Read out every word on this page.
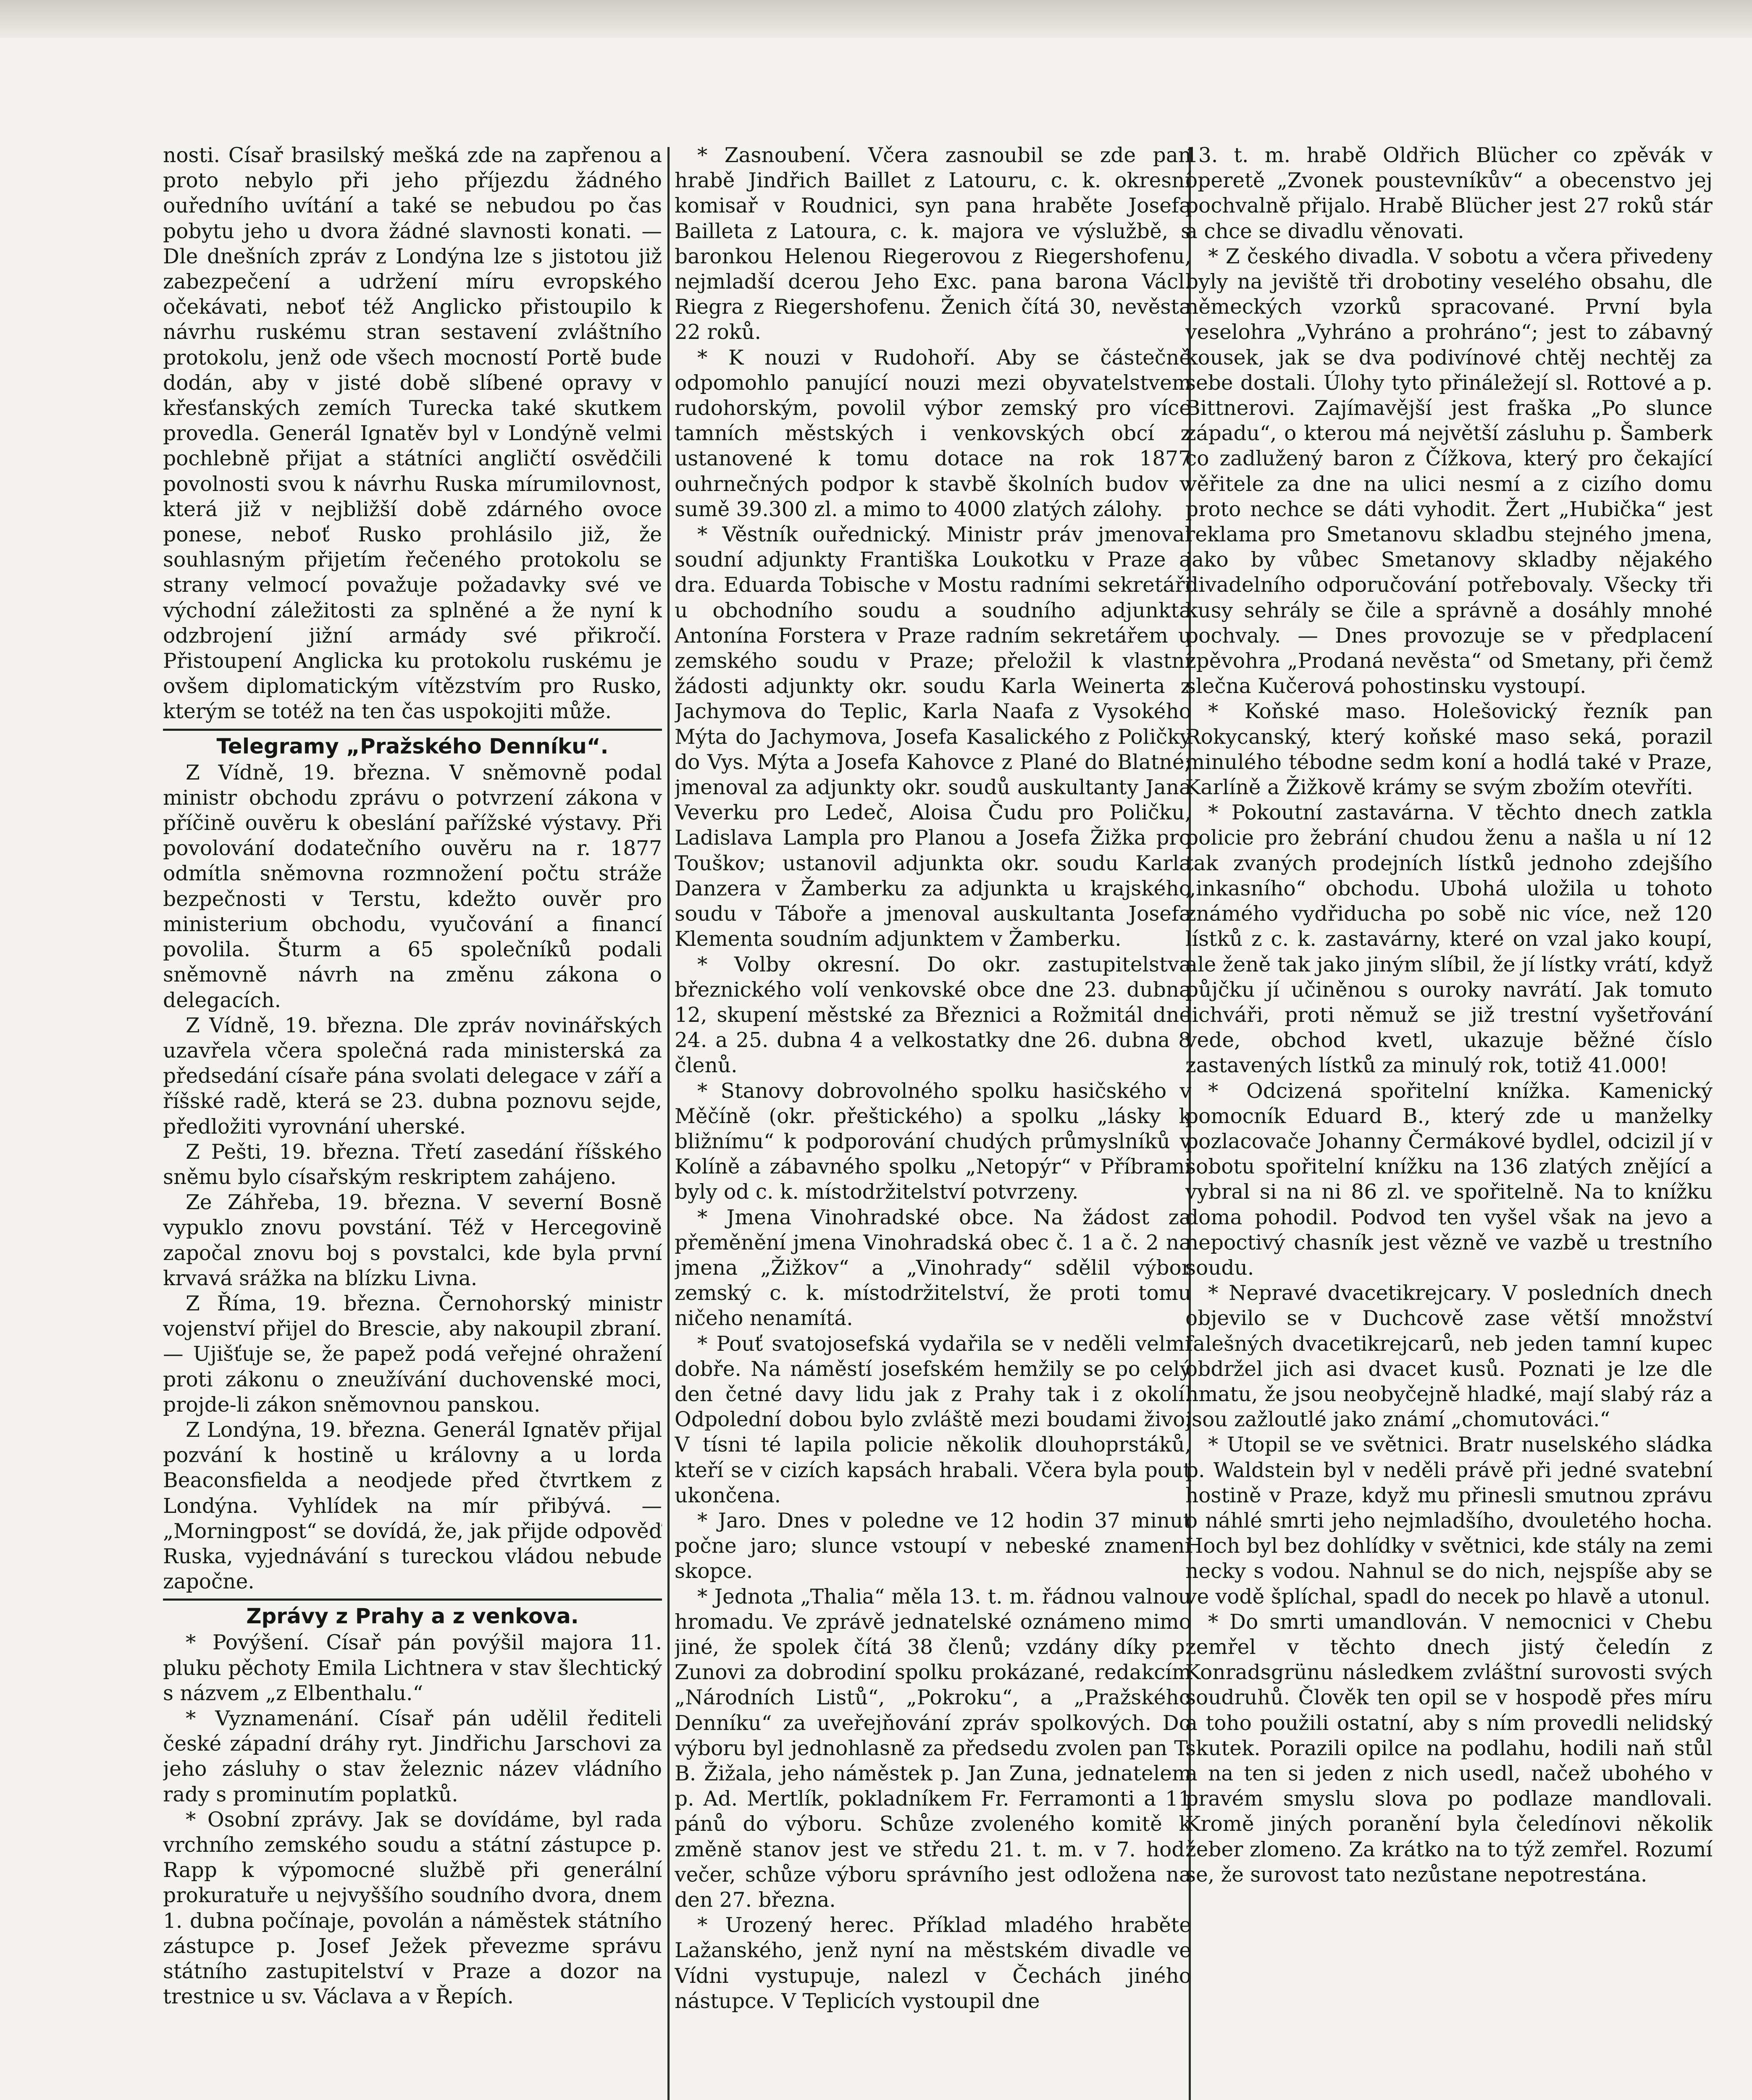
nosti. Císař brasilský mešká zde na zapřenou a proto nebylo při jeho příjezdu žádného ouředního uvítání a také se nebudou po čas pobytu jeho u dvora žádné slavnosti konati. — Dle dnešních zpráv z Londýna lze s jistotou již zabezpečení a udržení míru evropského očekávati, neboť též Anglicko přistoupilo k návrhu ruskému stran sestavení zvláštního protokolu, jenž ode všech mocností Portě bude dodán, aby v jisté době slíbené opravy v křesťanských zemích Turecka také skutkem provedla. Generál Ignatěv byl v Londýně velmi pochlebně přijat a státníci angličtí osvědčili povolnosti svou k návrhu Ruska mírumilovnost, která již v nejbližší době zdárného ovoce ponese, neboť Rusko prohlásilo již, že souhlasným přijetím řečeného protokolu se strany velmocí považuje požadavky své ve východní záležitosti za splněné a že nyní k odzbrojení jižní armády své přikročí. Přistoupení Anglicka ku protokolu ruskému je ovšem diplomatickým vítězstvím pro Rusko, kterým se totéž na ten čas uspokojiti může.

Telegramy „Pražského Denníku“.

Z Vídně, 19. března. V sněmovně podal ministr obchodu zprávu o potvrzení zákona v příčině ouvěru k obeslání pařížské výstavy. Při povolování dodatečního ouvěru na r. 1877 odmítla sněmovna rozmnožení počtu stráže bezpečnosti v Terstu, kdežto ouvěr pro ministerium obchodu, vyučování a financí povolila. Šturm a 65 společníků podali sněmovně návrh na změnu zákona o delegacích.

Z Vídně, 19. března. Dle zpráv novinářských uzavřela včera společná rada ministerská za předsedání císaře pána svolati delegace v září a říšské radě, která se 23. dubna poznovu sejde, předložiti vyrovnání uherské.

Z Pešti, 19. března. Třetí zasedání říšského sněmu bylo císařským reskriptem zahájeno.

Ze Záhřeba, 19. března. V severní Bosně vypuklo znovu povstání. Též v Hercegovině započal znovu boj s povstalci, kde byla první krvavá srážka na blízku Livna.

Z Říma, 19. března. Černohorský ministr vojenství přijel do Brescie, aby nakoupil zbraní. — Ujišťuje se, že papež podá veřejné ohražení proti zákonu o zneužívání duchovenské moci, projde-li zákon sněmovnou panskou.

Z Londýna, 19. března. Generál Ignatěv přijal pozvání k hostině u královny a u lorda Beaconsfielda a neodjede před čtvrtkem z Londýna. Vyhlídek na mír přibývá. — „Morningpost“ se dovídá, že, jak přijde odpověď Ruska, vyjednávání s tureckou vládou nebude započne.

Zprávy z Prahy a z venkova.

* Povýšení. Císař pán povýšil majora 11. pluku pěchoty Emila Lichtnera v stav šlechtický s názvem „z Elbenthalu.“

* Vyznamenání. Císař pán udělil řediteli české západní dráhy ryt. Jindřichu Jarschovi za jeho zásluhy o stav železnic název vládního rady s prominutím poplatků.

* Osobní zprávy. Jak se dovídáme, byl rada vrchního zemského soudu a státní zástupce p. Rapp k výpomocné službě při generální prokuratuře u nejvyššího soudního dvora, dnem 1. dubna počínaje, povolán a náměstek státního zástupce p. Josef Ježek převezme správu státního zastupitelství v Praze a dozor na trestnice u sv. Václava a v Řepích.

* Zasnoubení. Včera zasnoubil se zde pan hrabě Jindřich Baillet z Latouru, c. k. okresní komisař v Roudnici, syn pana hraběte Josefa Bailleta z Latoura, c. k. majora ve výslužbě, s baronkou Helenou Riegerovou z Riegershofenu, nejmladší dcerou Jeho Exc. pana barona Václ. Riegra z Riegershofenu. Ženich čítá 30, nevěsta 22 roků.

* K nouzi v Rudohoří. Aby se částečně odpomohlo panující nouzi mezi obyvatelstvem rudohorským, povolil výbor zemský pro více tamních městských i venkovských obcí z ustanovené k tomu dotace na rok 1877 ouhrnečných podpor k stavbě školních budov v sumě 39.300 zl. a mimo to 4000 zlatých zálohy.

* Věstník ouřednický. Ministr práv jmenoval soudní adjunkty Františka Loukotku v Praze a dra. Eduarda Tobische v Mostu radními sekretáři u obchodního soudu a soudního adjunkta Antonína Forstera v Praze radním sekretářem u zemského soudu v Praze; přeložil k vlastní žádosti adjunkty okr. soudu Karla Weinerta z Jachymova do Teplic, Karla Naafa z Vysokého Mýta do Jachymova, Josefa Kasalického z Poličky do Vys. Mýta a Josefa Kahovce z Plané do Blatné; jmenoval za adjunkty okr. soudů auskultanty Jana Veverku pro Ledeč, Aloisa Čudu pro Poličku, Ladislava Lampla pro Planou a Josefa Žižka pro Touškov; ustanovil adjunkta okr. soudu Karla Danzera v Žamberku za adjunkta u krajského soudu v Táboře a jmenoval auskultanta Josefa Klementa soudním adjunktem v Žamberku.

* Volby okresní. Do okr. zastupitelstva březnického volí venkovské obce dne 23. dubna 12, skupení městské za Březnici a Rožmitál dne 24. a 25. dubna 4 a velkostatky dne 26. dubna 8 členů.

* Stanovy dobrovolného spolku hasičského v Měčíně (okr. přeštického) a spolku „lásky k bližnímu“ k podporování chudých průmyslníků v Kolíně a zábavného spolku „Netopýr“ v Příbrami byly od c. k. místodržitelství potvrzeny.

* Jmena Vinohradské obce. Na žádost za přeměnění jmena Vinohradská obec č. 1 a č. 2 na jmena „Žižkov“ a „Vinohrady“ sdělil výbor zemský c. k. místodržitelství, že proti tomu ničeho nenamítá.

* Pouť svatojosefská vydařila se v neděli velmi dobře. Na náměstí josefském hemžily se po celý den četné davy lidu jak z Prahy tak i z okolí. Odpolední dobou bylo zvláště mezi boudami živo. V tísni té lapila policie několik dlouhoprstáků, kteří se v cizích kapsách hrabali. Včera byla pouť ukončena.

* Jaro. Dnes v poledne ve 12 hodin 37 minut počne jaro; slunce vstoupí v nebeské znamení skopce.

* Jednota „Thalia“ měla 13. t. m. řádnou valnou hromadu. Ve zprávě jednatelské oznámeno mimo jiné, že spolek čítá 38 členů; vzdány díky p. Zunovi za dobrodiní spolku prokázané, redakcím „Národních Listů“, „Pokroku“, a „Pražského Denníku“ za uveřejňování zpráv spolkových. Do výboru byl jednohlasně za předsedu zvolen pan T. B. Žižala, jeho náměstek p. Jan Zuna, jednatelem p. Ad. Mertlík, pokladníkem Fr. Ferramonti a 11 pánů do výboru. Schůze zvoleného komitě k změně stanov jest ve středu 21. t. m. v 7. hod. večer, schůze výboru správního jest odložena na den 27. března.

* Urozený herec. Příklad mladého hraběte Lažanského, jenž nyní na městském divadle ve Vídni vystupuje, nalezl v Čechách jiného nástupce. V Teplicích vystoupil dne

13. t. m. hrabě Oldřich Blücher co zpěvák v operetě „Zvonek poustevníkův“ a obecenstvo jej pochvalně přijalo. Hrabě Blücher jest 27 roků stár a chce se divadlu věnovati.

* Z českého divadla. V sobotu a včera přivedeny byly na jeviště tři drobotiny veselého obsahu, dle německých vzorků spracované. První byla veselohra „Vyhráno a prohráno“; jest to zábavný kousek, jak se dva podivínové chtěj nechtěj za sebe dostali. Úlohy tyto přináležejí sl. Rottové a p. Bittnerovi. Zajímavější jest fraška „Po slunce západu“, o kterou má největší zásluhu p. Šamberk co zadlužený baron z Čížkova, který pro čekající věřitele za dne na ulici nesmí a z cizího domu proto nechce se dáti vyhodit. Žert „Hubička“ jest reklama pro Smetanovu skladbu stejného jmena, jako by vůbec Smetanovy skladby nějakého divadelního odporučování potřebovaly. Všecky tři kusy sehrály se čile a správně a dosáhly mnohé pochvaly. — Dnes provozuje se v předplacení zpěvohra „Prodaná nevěsta“ od Smetany, při čemž slečna Kučerová pohostinsku vystoupí.

* Koňské maso. Holešovický řezník pan Rokycanský, který koňské maso seká, porazil minulého tébodne sedm koní a hodlá také v Praze, Karlíně a Žižkově krámy se svým zbožím otevříti.

* Pokoutní zastavárna. V těchto dnech zatkla policie pro žebrání chudou ženu a našla u ní 12 tak zvaných prodejních lístků jednoho zdejšího „inkasního“ obchodu. Ubohá uložila u tohoto známého vydřiducha po sobě nic více, než 120 lístků z c. k. zastavárny, které on vzal jako koupí, ale ženě tak jako jiným slíbil, že jí lístky vrátí, když půjčku jí učiněnou s ouroky navrátí. Jak tomuto lichváři, proti němuž se již trestní vyšetřování vede, obchod kvetl, ukazuje běžné číslo zastavených lístků za minulý rok, totiž 41.000!

* Odcizená spořitelní knížka. Kamenický pomocník Eduard B., který zde u manželky pozlacovače Johanny Čermákové bydlel, odcizil jí v sobotu spořitelní knížku na 136 zlatých znějící a vybral si na ni 86 zl. ve spořitelně. Na to knížku doma pohodil. Podvod ten vyšel však na jevo a nepoctivý chasník jest vězně ve vazbě u trestního soudu.

* Nepravé dvacetikrejcary. V posledních dnech objevilo se v Duchcově zase větší množství falešných dvacetikrejcarů, neb jeden tamní kupec obdržel jich asi dvacet kusů. Poznati je lze dle hmatu, že jsou neobyčejně hladké, mají slabý ráz a jsou zažloutlé jako známí „chomutováci.“

* Utopil se ve světnici. Bratr nuselského sládka p. Waldstein byl v neděli právě při jedné svatební hostině v Praze, když mu přinesli smutnou zprávu o náhlé smrti jeho nejmladšího, dvouletého hocha. Hoch byl bez dohlídky v světnici, kde stály na zemi necky s vodou. Nahnul se do nich, nejspíše aby se ve vodě šplíchal, spadl do necek po hlavě a utonul.

* Do smrti umandlován. V nemocnici v Chebu zemřel v těchto dnech jistý čeledín z Konradsgrünu následkem zvláštní surovosti svých soudruhů. Člověk ten opil se v hospodě přes míru a toho použili ostatní, aby s ním provedli nelidský skutek. Porazili opilce na podlahu, hodili naň stůl a na ten si jeden z nich usedl, načež ubohého v pravém smyslu slova po podlaze mandlovali. Kromě jiných poranění byla čeledínovi několik žeber zlomeno. Za krátko na to týž zemřel. Rozumí se, že surovost tato nezůstane nepotrestána.
